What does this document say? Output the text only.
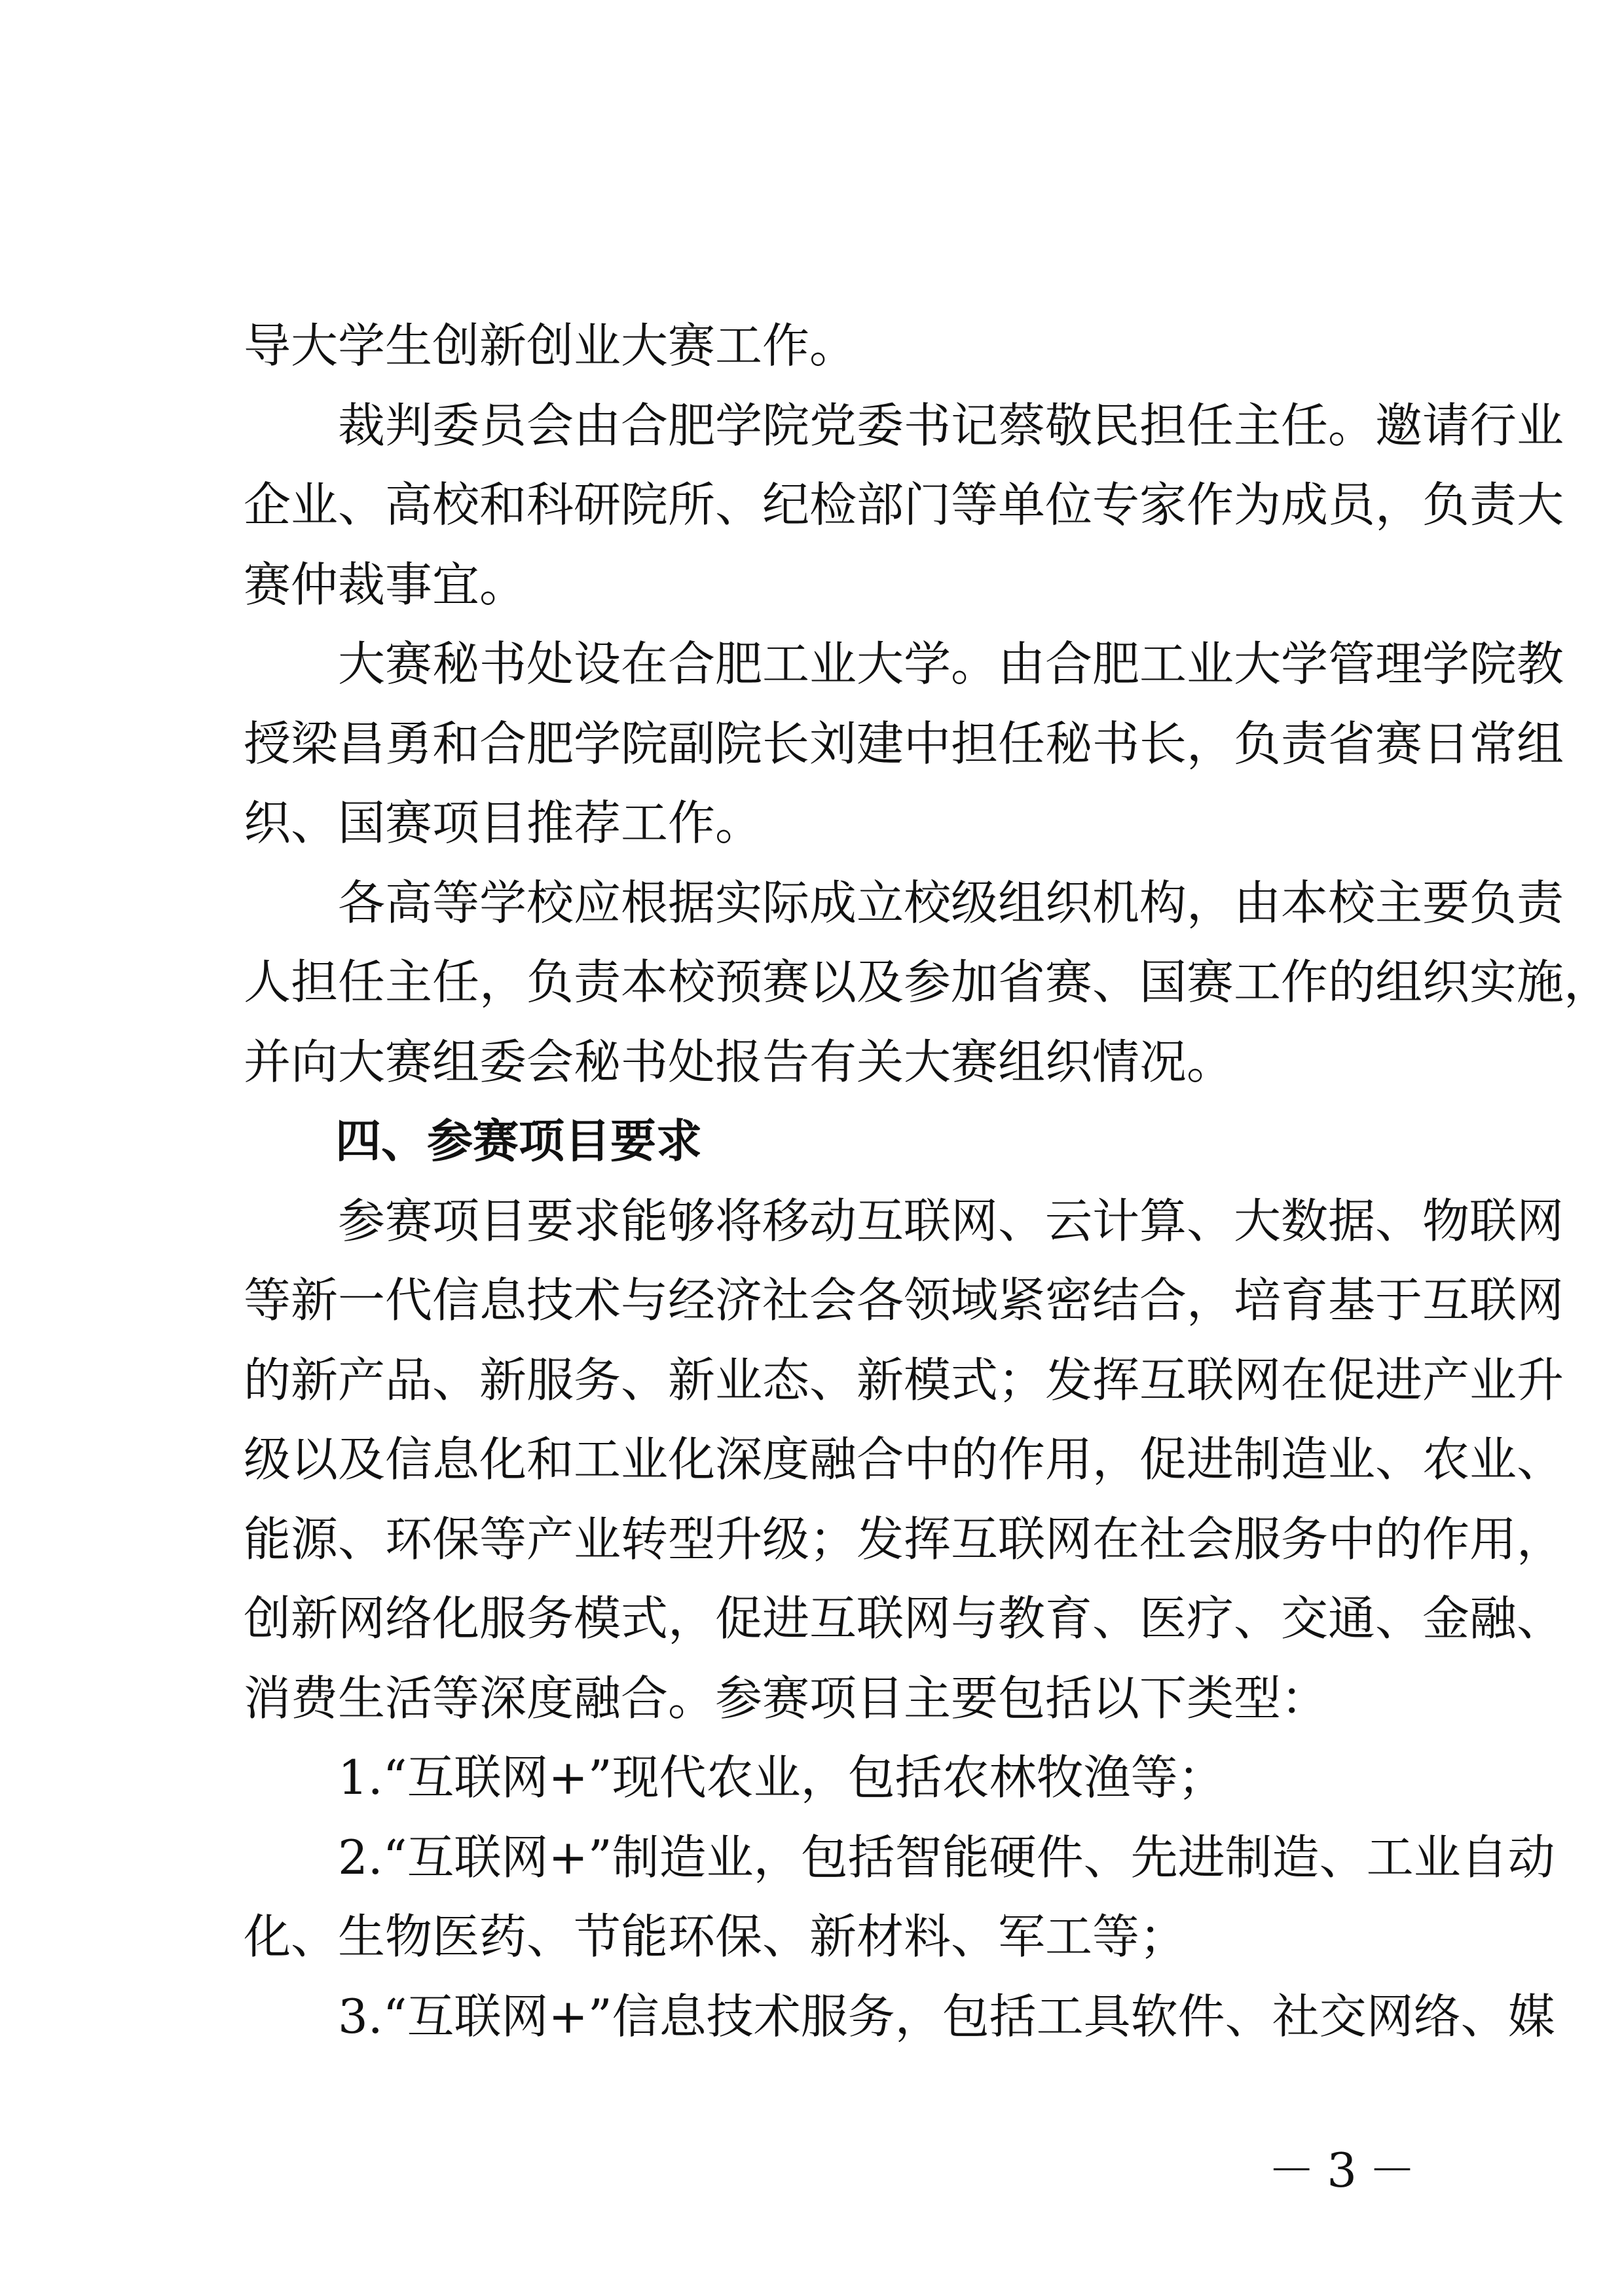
导大学生创新创业大赛工作。
　　裁判委员会由合肥学院党委书记蔡敬民担任主任。邀请行业
企业、高校和科研院所、纪检部门等单位专家作为成员，负责大
赛仲裁事宜。
　　大赛秘书处设在合肥工业大学。由合肥工业大学管理学院教
授梁昌勇和合肥学院副院长刘建中担任秘书长，负责省赛日常组
织、国赛项目推荐工作。
　　各高等学校应根据实际成立校级组织机构，由本校主要负责
人担任主任，负责本校预赛以及参加省赛、国赛工作的组织实施，
并向大赛组委会秘书处报告有关大赛组织情况。
　　四、参赛项目要求
　　参赛项目要求能够将移动互联网、云计算、大数据、物联网
等新一代信息技术与经济社会各领域紧密结合，培育基于互联网
的新产品、新服务、新业态、新模式；发挥互联网在促进产业升
级以及信息化和工业化深度融合中的作用，促进制造业、农业、
能源、环保等产业转型升级；发挥互联网在社会服务中的作用，
创新网络化服务模式，促进互联网与教育、医疗、交通、金融、
消费生活等深度融合。参赛项目主要包括以下类型：
　　1.“互联网+”现代农业，包括农林牧渔等；
　　2.“互联网+”制造业，包括智能硬件、先进制造、工业自动
化、生物医药、节能环保、新材料、军工等；
　　3.“互联网+”信息技术服务，包括工具软件、社交网络、媒
－3－
